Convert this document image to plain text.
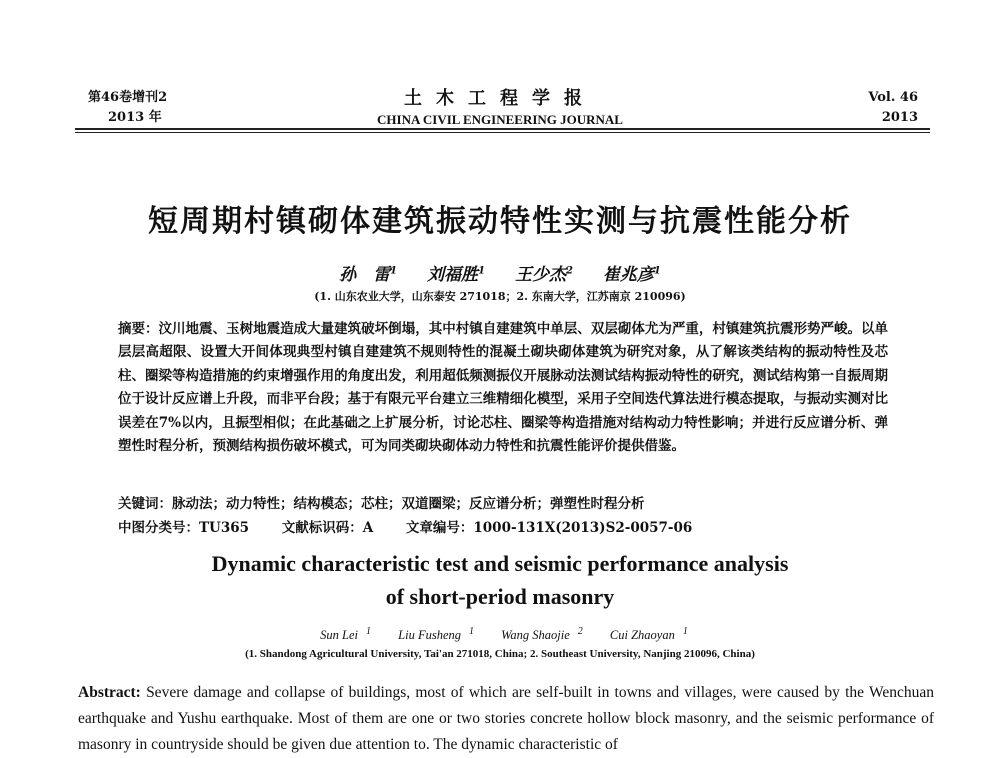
第46卷增刊2
2013 年
土木工程学报
CHINA CIVIL ENGINEERING JOURNAL
Vol. 46
2013
短周期村镇砌体建筑振动特性实测与抗震性能分析
孙　雷$^1$ 刘福胜$^1$ 王少杰$^2$ 崔兆彦$^1$
(1. 山东农业大学，山东泰安 271018；2. 东南大学，江苏南京 210096)
摘要：汶川地震、玉树地震造成大量建筑破坏倒塌，其中村镇自建建筑中单层、双层砌体尤为严重，村镇建筑抗震形势严峻。以单层层高超限、设置大开间体现典型村镇自建建筑不规则特性的混凝土砌块砌体建筑为研究对象，从了解该类结构的振动特性及芯柱、圈梁等构造措施的约束增强作用的角度出发，利用超低频测振仪开展脉动法测试结构振动特性的研究，测试结构第一自振周期位于设计反应谱上升段，而非平台段；基于有限元平台建立三维精细化模型，采用子空间迭代算法进行模态提取，与振动实测对比误差在7%以内，且振型相似；在此基础之上扩展分析，讨论芯柱、圈梁等构造措施对结构动力特性影响；并进行反应谱分析、弹塑性时程分析，预测结构损伤破坏模式，可为同类砌块砌体动力特性和抗震性能评价提供借鉴。
关键词：脉动法；动力特性；结构模态；芯柱；双道圈梁；反应谱分析；弹塑性时程分析
中图分类号：TU365 文献标识码：A 文章编号：1000-131X(2013)S2-0057-06
Dynamic characteristic test and seismic performance analysis
of short-period masonry
Sun Lei $^1$ Liu Fusheng $^1$ Wang Shaojie $^2$ Cui Zhaoyan $^1$
(1. Shandong Agricultural University, Tai'an 271018, China; 2. Southeast University, Nanjing 210096, China)
Abstract: Severe damage and collapse of buildings, most of which are self-built in towns and villages, were caused by the Wenchuan earthquake and Yushu earthquake. Most of them are one or two stories concrete hollow block masonry, and the seismic performance of masonry in countryside should be given due attention to. The dynamic characteristic of
